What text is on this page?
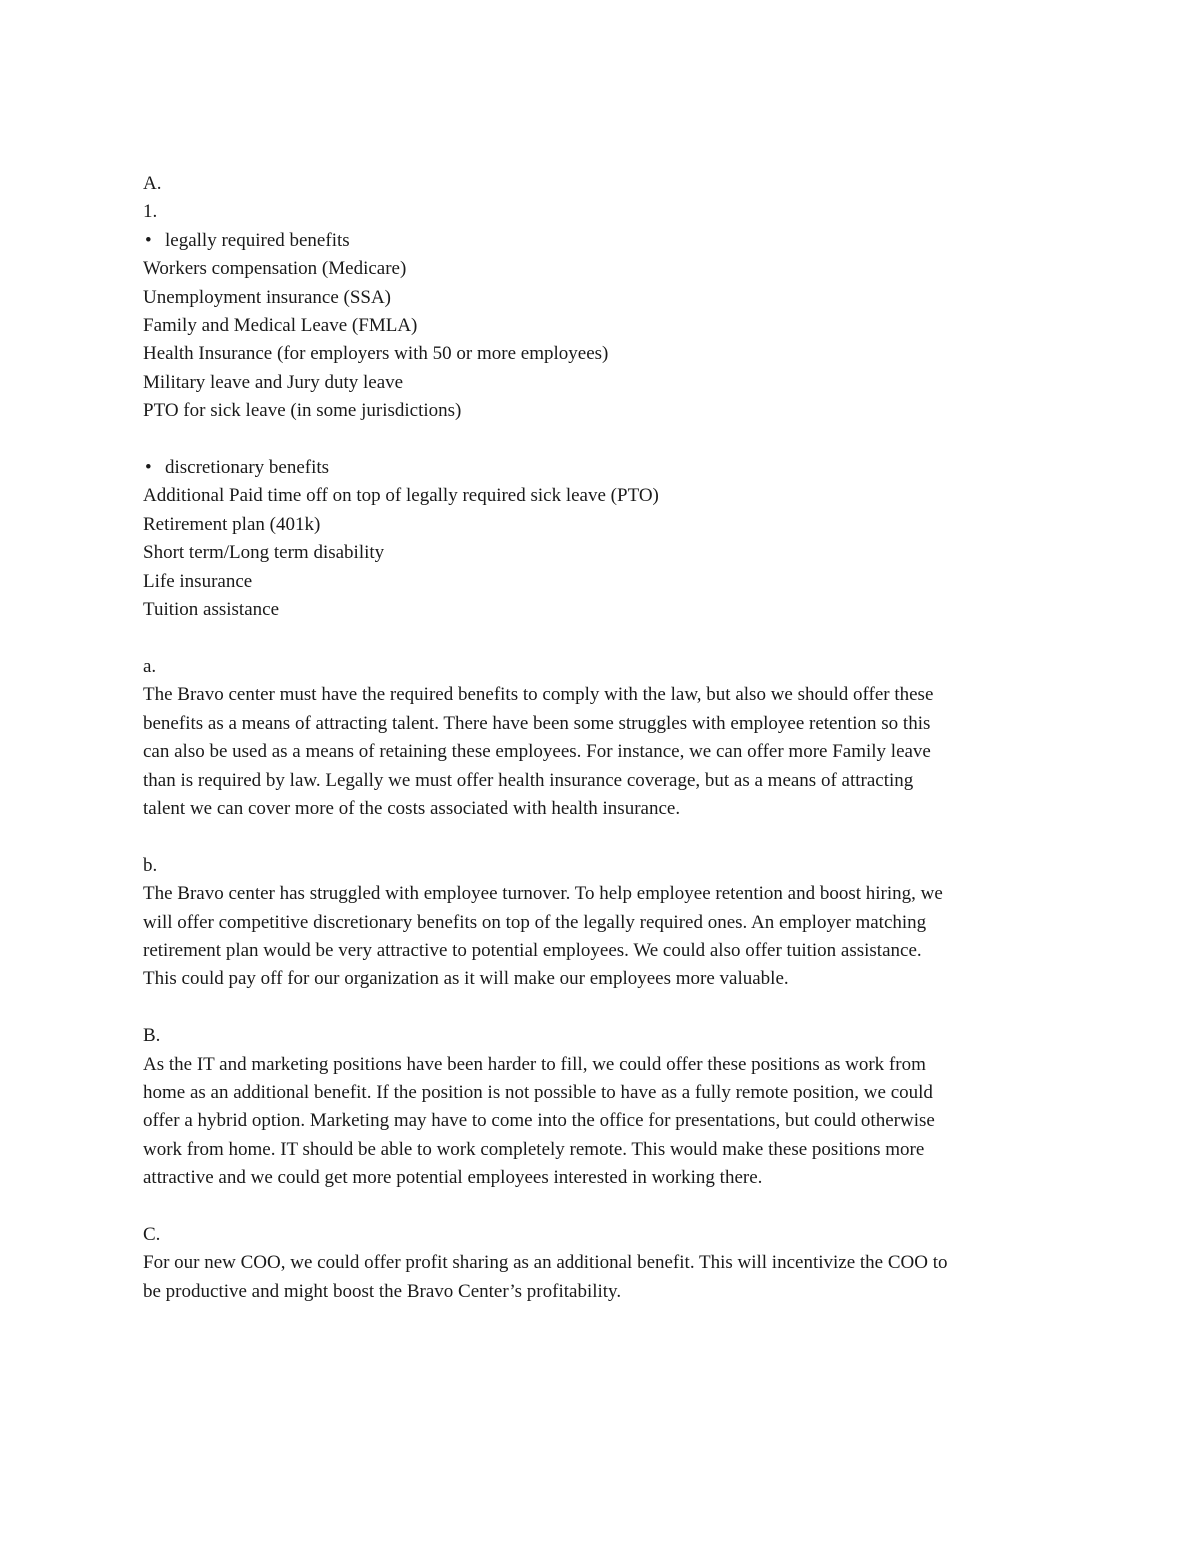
A.
1.
• legally required benefits
Workers compensation (Medicare)
Unemployment insurance (SSA)
Family and Medical Leave (FMLA)
Health Insurance (for employers with 50 or more employees)
Military leave and Jury duty leave
PTO for sick leave (in some jurisdictions)
• discretionary benefits
Additional Paid time off on top of legally required sick leave (PTO)
Retirement plan (401k)
Short term/Long term disability
Life insurance
Tuition assistance
a.
The Bravo center must have the required benefits to comply with the law, but also we should offer these
benefits as a means of attracting talent. There have been some struggles with employee retention so this
can also be used as a means of retaining these employees. For instance, we can offer more Family leave
than is required by law. Legally we must offer health insurance coverage, but as a means of attracting
talent we can cover more of the costs associated with health insurance.
b.
The Bravo center has struggled with employee turnover. To help employee retention and boost hiring, we
will offer competitive discretionary benefits on top of the legally required ones. An employer matching
retirement plan would be very attractive to potential employees. We could also offer tuition assistance.
This could pay off for our organization as it will make our employees more valuable.
B.
As the IT and marketing positions have been harder to fill, we could offer these positions as work from
home as an additional benefit. If the position is not possible to have as a fully remote position, we could
offer a hybrid option. Marketing may have to come into the office for presentations, but could otherwise
work from home. IT should be able to work completely remote. This would make these positions more
attractive and we could get more potential employees interested in working there.
C.
For our new COO, we could offer profit sharing as an additional benefit. This will incentivize the COO to
be productive and might boost the Bravo Center’s profitability.
